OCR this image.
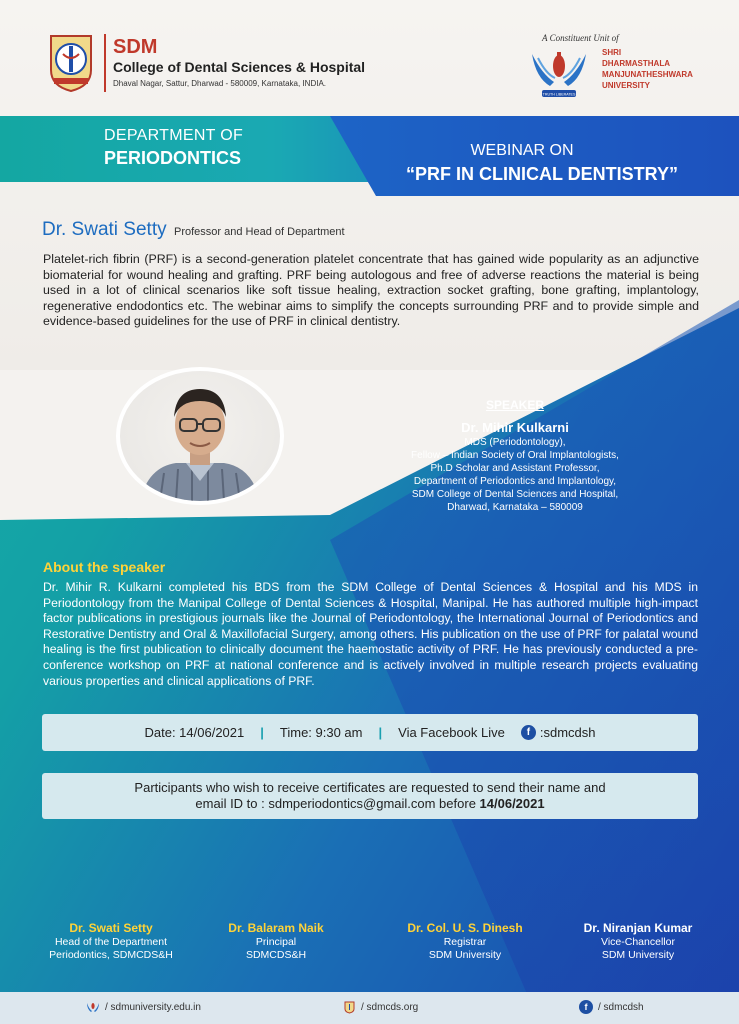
SDM
College of Dental Sciences & Hospital
Dhaval Nagar, Sattur, Dharwad - 580009, Karnataka, INDIA.
A Constituent Unit of
TRUTH LIBERATES
SHRI
DHARMASTHALA
MANJUNATHESHWARA
UNIVERSITY
DEPARTMENT OF
PERIODONTICS	WEBINAR ON
“PRF IN CLINICAL DENTISTRY”
Dr. Swati Setty Professor and Head of Department

Platelet-rich fibrin (PRF) is a second-generation platelet concentrate that has gained wide popularity as an adjunctive biomaterial for wound healing and grafting. PRF being autologous and free of adverse reactions the material is being used in a lot of clinical scenarios like soft tissue healing, extraction socket grafting, bone grafting, implantology, regenerative endodontics etc. The webinar aims to simplify the concepts surrounding PRF and to provide simple and evidence-based guidelines for the use of PRF in clinical dentistry.

SPEAKER
Dr. Mihir Kulkarni
MDS (Periodontology),
Fellow – Indian Society of Oral Implantologists,
Ph.D Scholar and Assistant Professor,
Department of Periodontics and Implantology,
SDM College of Dental Sciences and Hospital,
Dharwad, Karnataka – 580009
About the speaker

Dr. Mihir R. Kulkarni completed his BDS from the SDM College of Dental Sciences & Hospital and his MDS in Periodontology from the Manipal College of Dental Sciences & Hospital, Manipal. He has authored multiple high-impact factor publications in prestigious journals like the Journal of Periodontology, the International Journal of Periodontics and Restorative Dentistry and Oral & Maxillofacial Surgery, among others. His publication on the use of PRF for palatal wound healing is the first publication to clinically document the haemostatic activity of PRF. He has previously conducted a pre-conference workshop on PRF at national conference and is actively involved in multiple research projects evaluating various properties and clinical applications of PRF.

Date: 14/06/2021 | Time: 9:30 am | Via Facebook Live	f :sdmcdsh
Participants who wish to receive certificates are requested to send their name and
email ID to : sdmperiodontics@gmail.com before 14/06/2021
Dr. Swati Setty
Head of the Department
Periodontics, SDMCDS&H
Dr. Balaram Naik
Principal
SDMCDS&H
Dr. Col. U. S. Dinesh
Registrar
SDM University
Dr. Niranjan Kumar
Vice-Chancellor
SDM University
/ sdmuniversity.edu.in	/ sdmcds.org	f	/ sdmcdsh
